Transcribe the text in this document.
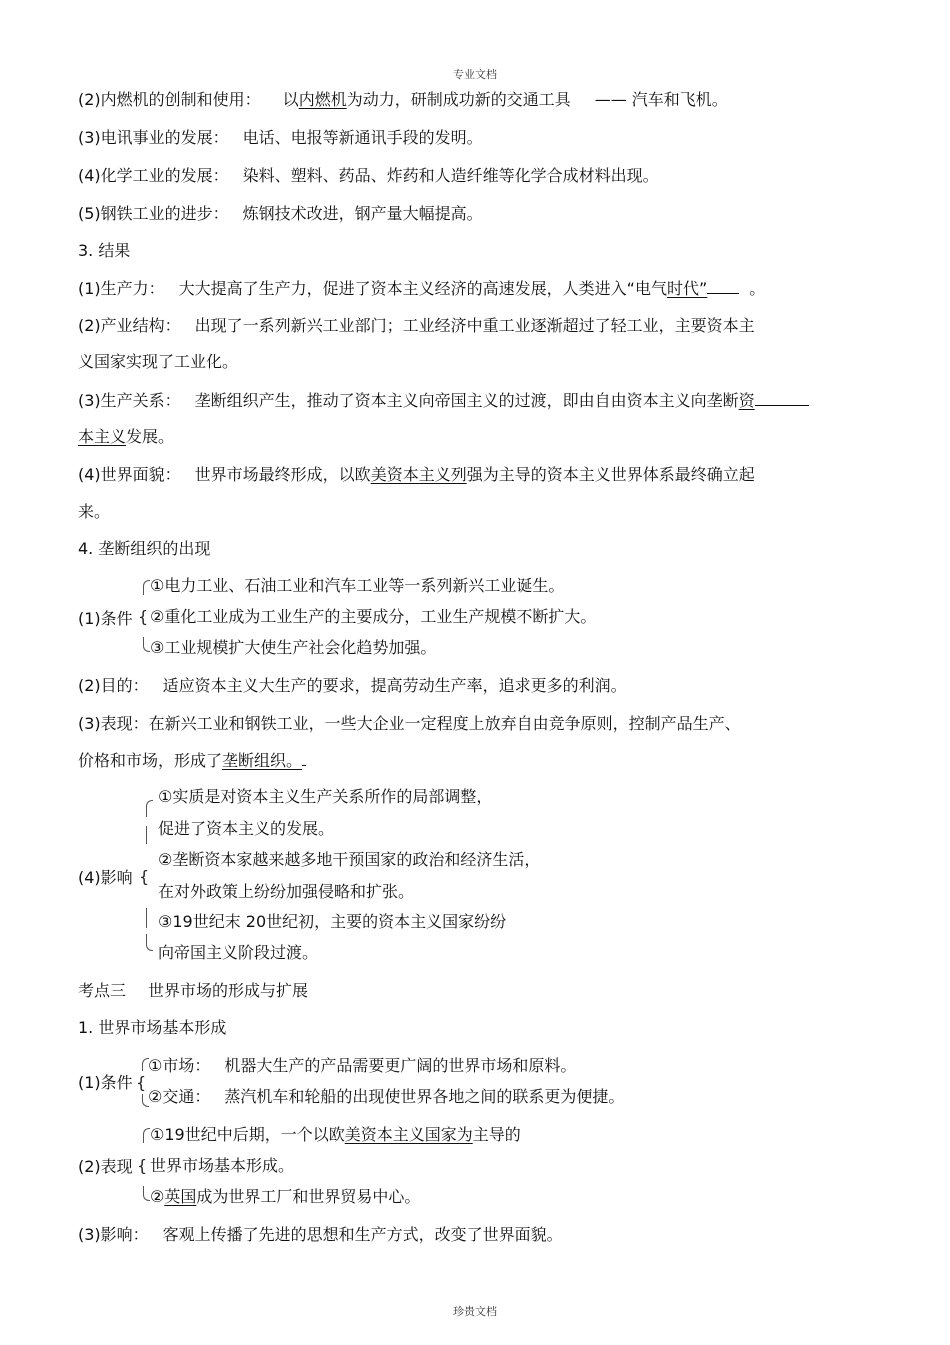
专业文档
(2)内燃机的创制和使用： 以内燃机为动力，研制成功新的交通工具 —— 汽车和飞机。
(3)电讯事业的发展： 电话、电报等新通讯手段的发明。
(4)化学工业的发展： 染料、塑料、药品、炸药和人造纤维等化学合成材料出现。
(5)钢铁工业的进步： 炼钢技术改进，钢产量大幅提高。
3. 结果
(1)生产力： 大大提高了生产力，促进了资本主义经济的高速发展，人类进入“电气时代”	。
(2)产业结构： 出现了一系列新兴工业部门；工业经济中重工业逐渐超过了轻工业，主要资本主
义国家实现了工业化。
(3)生产关系： 垄断组织产生，推动了资本主义向帝国主义的过渡，即由自由资本主义向垄断资
本主义发展。
(4)世界面貌： 世界市场最终形成，以欧美资本主义列强为主导的资本主义世界体系最终确立起
来。
4. 垄断组织的出现
①电力工业、石油工业和汽车工业等一系列新兴工业诞生。
(1)条件 ②重化工业成为工业生产的主要成分，工业生产规模不断扩大。
③工业规模扩大使生产社会化趋势加强。
{
(2)目的： 适应资本主义大生产的要求，提高劳动生产率，追求更多的利润。
(3)表现：在新兴工业和钢铁工业，一些大企业一定程度上放弃自由竞争原则，控制产品生产、
价格和市场，形成了垄断组织。
①实质是对资本主义生产关系所作的局部调整，
促进了资本主义的发展。
②垄断资本家越来越多地干预国家的政治和经济生活，
(4)影响
在对外政策上纷纷加强侵略和扩张。
③19世纪末 20世纪初，主要的资本主义国家纷纷
向帝国主义阶段过渡。
{
考点三 世界市场的形成与扩展
1. 世界市场基本形成
①市场： 机器大生产的产品需要更广阔的世界市场和原料。
(1)条件
②交通： 蒸汽机车和轮船的出现使世界各地之间的联系更为便捷。
{
①19世纪中后期，一个以欧美资本主义国家为主导的
(2)表现 世界市场基本形成。
②英国成为世界工厂和世界贸易中心。
{
(3)影响： 客观上传播了先进的思想和生产方式，改变了世界面貌。
珍贵文档
